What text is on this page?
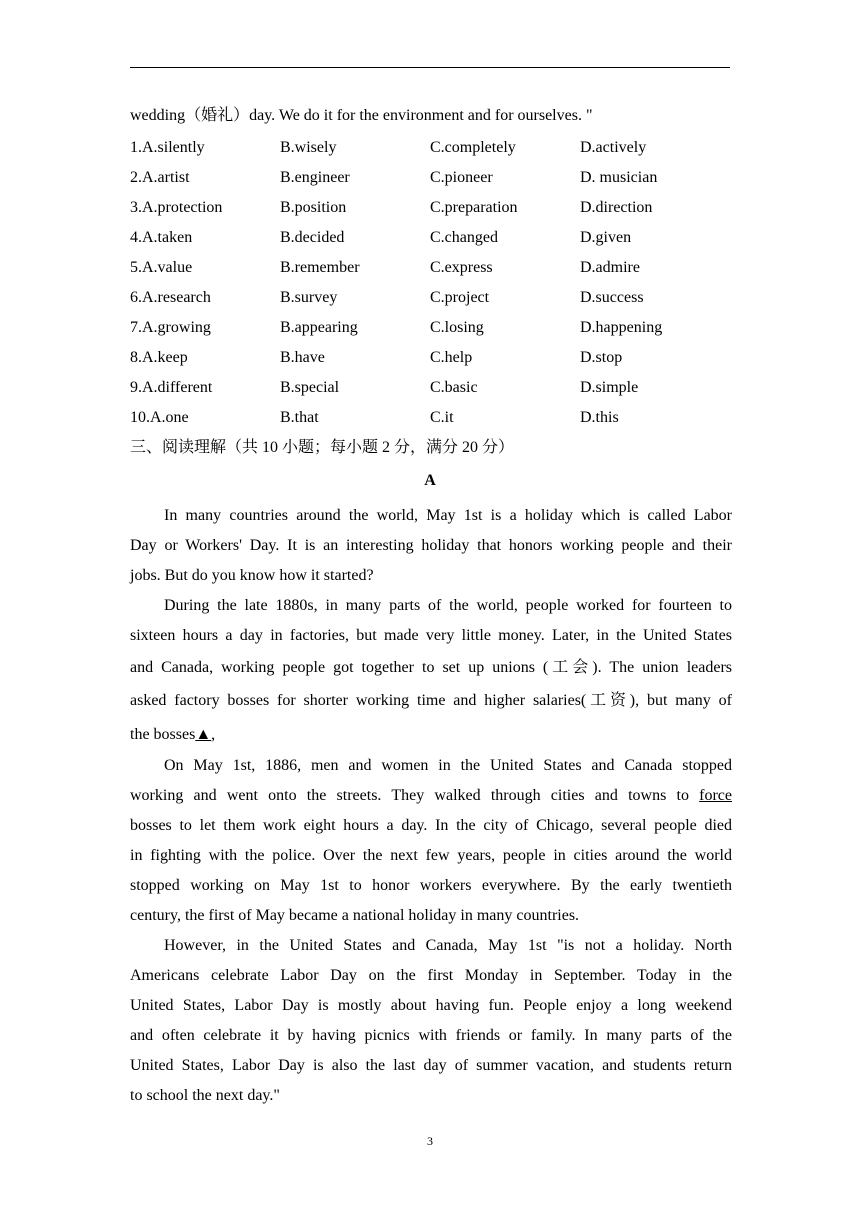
wedding（婚礼）day. We do it for the environment and for ourselves. "
1.A.silently	B.wisely	C.completely	D.actively
2.A.artist	B.engineer	C.pioneer	D. musician
3.A.protection	B.position	C.preparation	D.direction
4.A.taken	B.decided	C.changed	D.given
5.A.value	B.remember	C.express	D.admire
6.A.research	B.survey	C.project	D.success
7.A.growing	B.appearing	C.losing	D.happening
8.A.keep	B.have	C.help	D.stop
9.A.different	B.special	C.basic	D.simple
10.A.one	B.that	C.it	D.this
三、阅读理解（共 10 小题；每小题 2 分，满分 20 分）
A
In many countries around the world, May 1st is a holiday which is called Labor
Day or Workers' Day. It is an interesting holiday that honors working people and their
jobs. But do you know how it started?
During the late 1880s, in many parts of the world, people worked for fourteen to
sixteen hours a day in factories, but made very little money. Later, in the United States
and Canada, working people got together to set up unions (工会). The union leaders
asked factory bosses for shorter working time and higher salaries(工资), but many of
the bosses▲,
On May 1st, 1886, men and women in the United States and Canada stopped
working and went onto the streets. They walked through cities and towns to force
bosses to let them work eight hours a day. In the city of Chicago, several people died
in fighting with the police. Over the next few years, people in cities around the world
stopped working on May 1st to honor workers everywhere. By the early twentieth
century, the first of May became a national holiday in many countries.
However, in the United States and Canada, May 1st "is not a holiday. North
Americans celebrate Labor Day on the first Monday in September. Today in the
United States, Labor Day is mostly about having fun. People enjoy a long weekend
and often celebrate it by having picnics with friends or family. In many parts of the
United States, Labor Day is also the last day of summer vacation, and students return
to school the next day."
3
